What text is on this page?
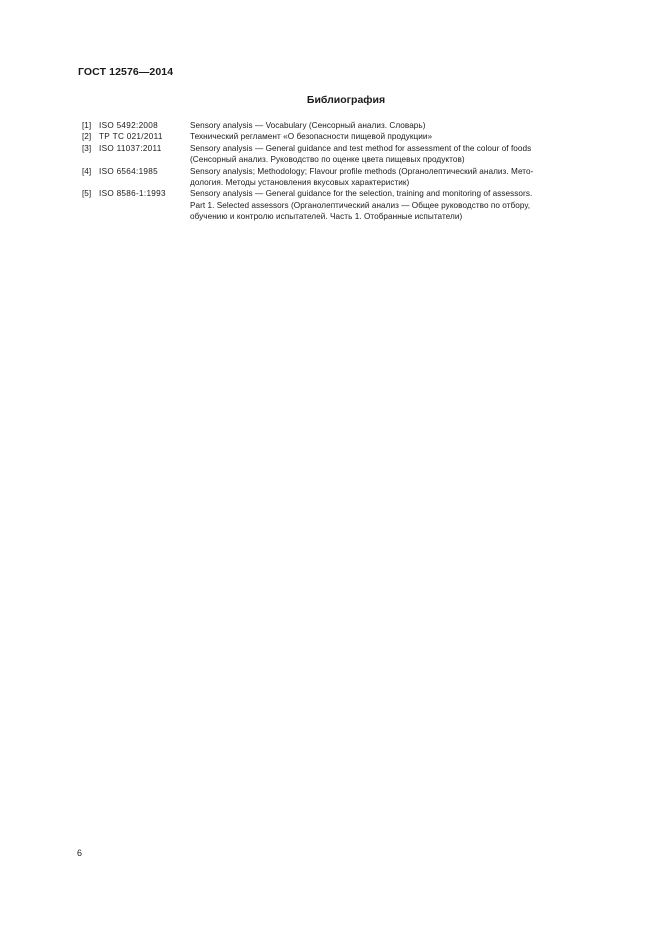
ГОСТ 12576—2014
Библиография
[1] ISO 5492:2008	Sensory analysis — Vocabulary (Сенсорный анализ. Словарь)
[2] ТР ТС 021/2011	Технический регламент «О безопасности пищевой продукции»
[3] ISO 11037:2011	Sensory analysis — General guidance and test method for assessment of the colour of foods
(Сенсорный анализ. Руководство по оценке цвета пищевых продуктов)
[4] ISO 6564:1985	Sensory analysis; Methodology; Flavour profile methods (Органолептический анализ. Мето-
дология. Методы установления вкусовых характеристик)
[5] ISO 8586-1:1993	Sensory analysis — General guidance for the selection, training and monitoring of assessors.
Part 1. Selected assessors (Органолептический анализ — Общее руководство по отбору,
обучению и контролю испытателей. Часть 1. Отобранные испытатели)
6
